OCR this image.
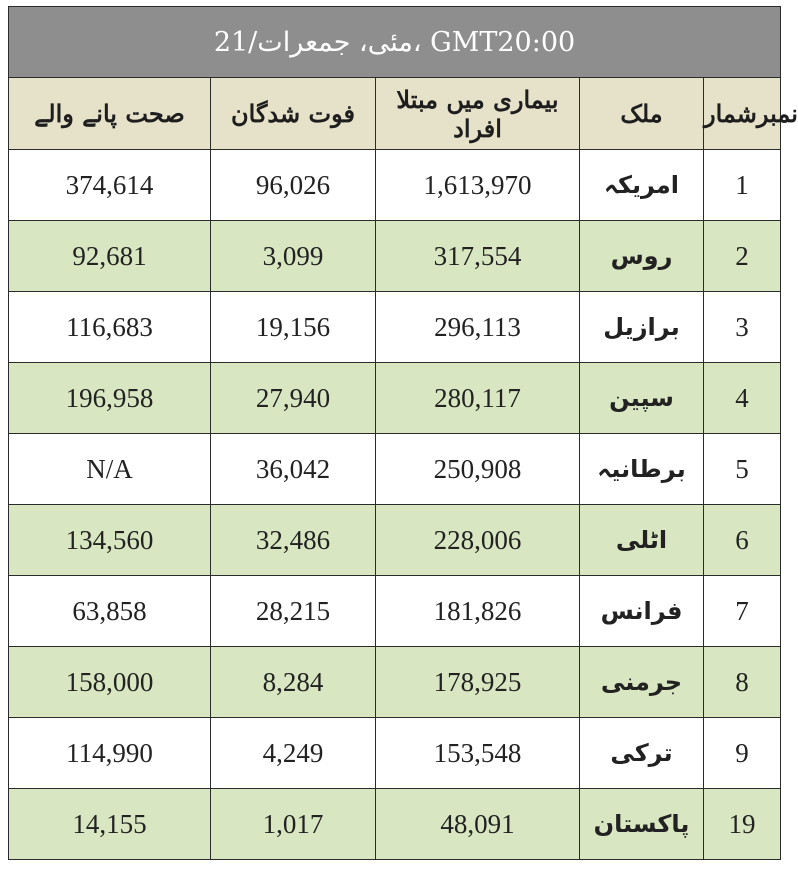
21/مئی، جمعرات، GMT20:00				
صحت پانے والے	فوت شدگان	بیماری میں مبتلا افراد	ملک	نمبرشمار
374,614	96,026	1,613,970	امریکہ	1
92,681	3,099	317,554	روس	2
116,683	19,156	296,113	برازیل	3
196,958	27,940	280,117	سپین	4
N/A	36,042	250,908	برطانیہ	5
134,560	32,486	228,006	اٹلی	6
63,858	28,215	181,826	فرانس	7
158,000	8,284	178,925	جرمنی	8
114,990	4,249	153,548	ترکی	9
14,155	1,017	48,091	پاکستان	19
